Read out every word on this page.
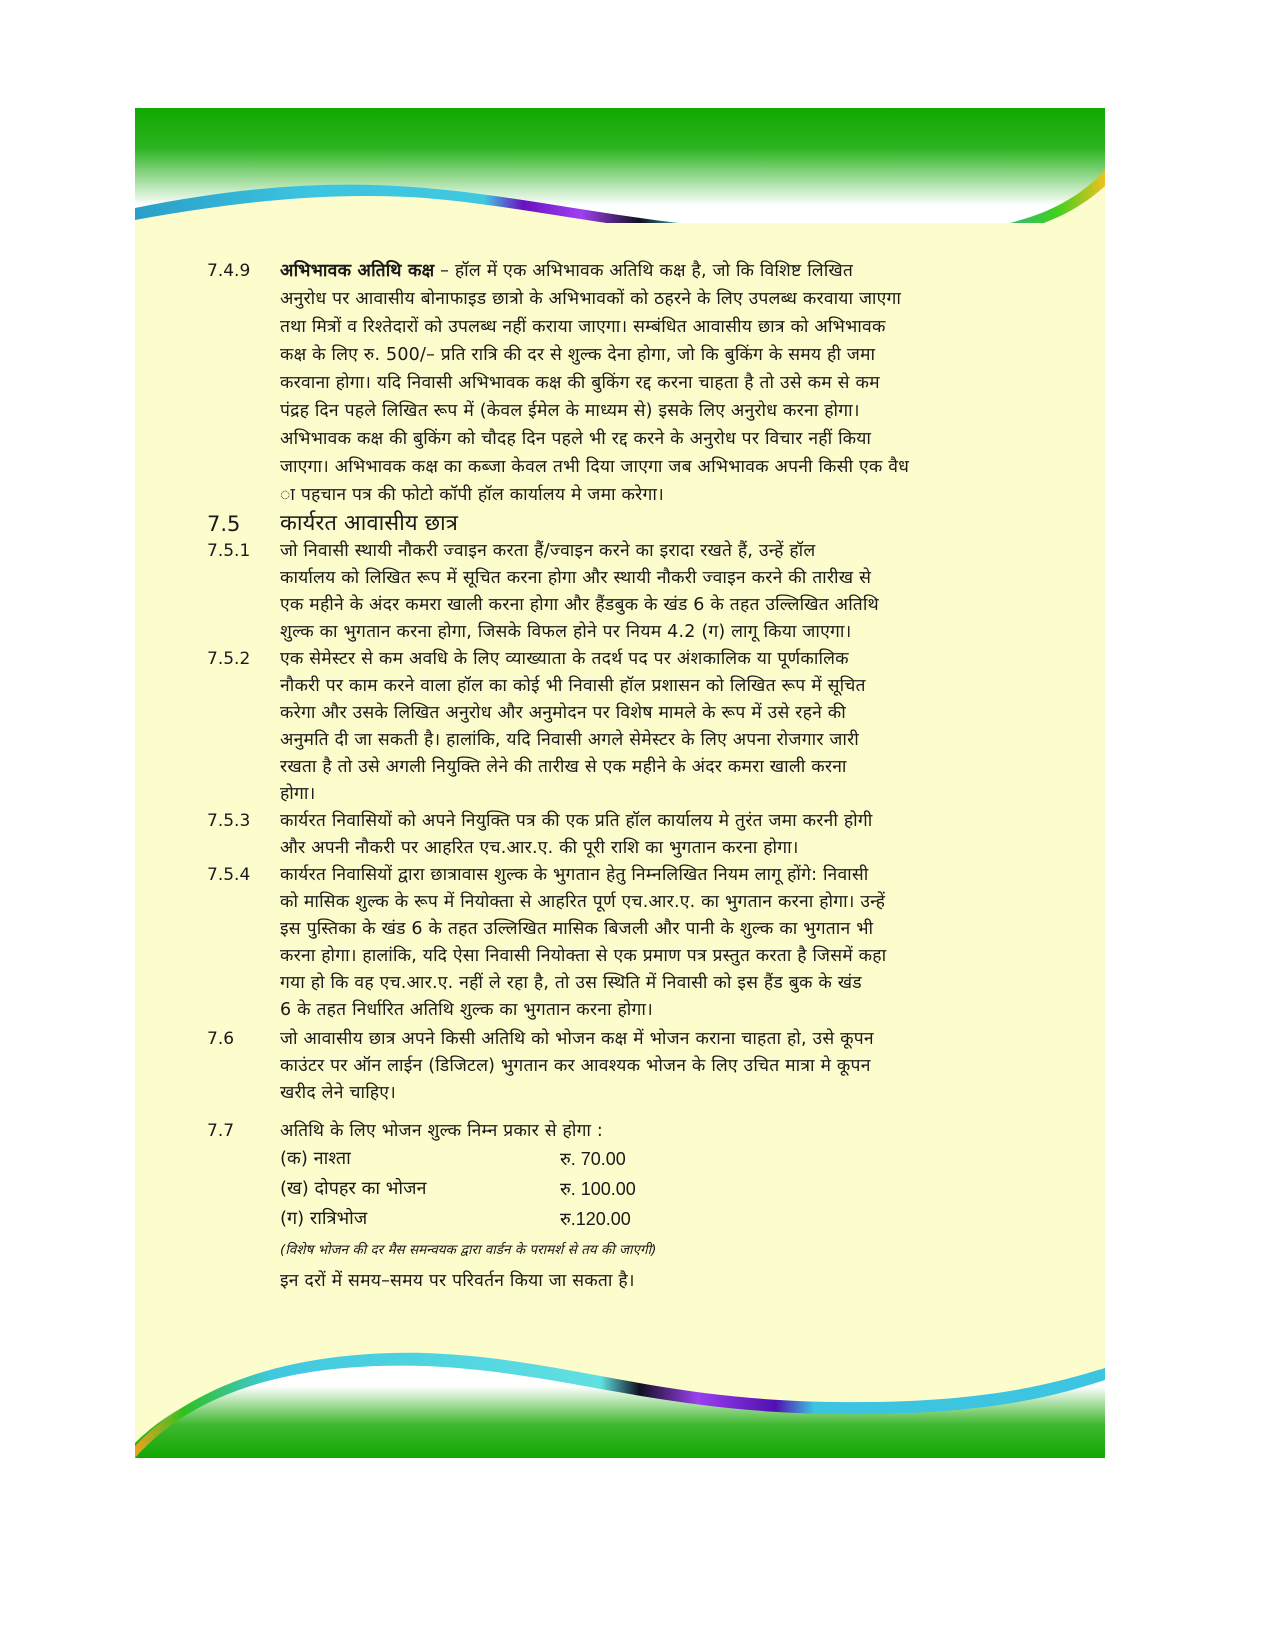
7.4.9 अभिभावक अतिथि कक्ष – हॉल में एक अभिभावक अतिथि कक्ष है, जो कि विशिष्ट लिखित
अनुरोध पर आवासीय बोनाफाइड छात्रो के अभिभावकों को ठहरने के लिए उपलब्ध करवाया जाएगा
तथा मित्रों व रिश्तेदारों को उपलब्ध नहीं कराया जाएगा। सम्बंधित आवासीय छात्र को अभिभावक
कक्ष के लिए रु. 500/– प्रति रात्रि की दर से शुल्क देना होगा, जो कि बुकिंग के समय ही जमा
करवाना होगा। यदि निवासी अभिभावक कक्ष की बुकिंग रद्द करना चाहता है तो उसे कम से कम
पंद्रह दिन पहले लिखित रूप में (केवल ईमेल के माध्यम से) इसके लिए अनुरोध करना होगा।
अभिभावक कक्ष की बुकिंग को चौदह दिन पहले भी रद्द करने के अनुरोध पर विचार नहीं किया
जाएगा। अभिभावक कक्ष का कब्जा केवल तभी दिया जाएगा जब अभिभावक अपनी किसी एक वैध
ा पहचान पत्र की फोटो कॉपी हॉल कार्यालय मे जमा करेगा।
7.5 कार्यरत आवासीय छात्र
7.5.1 जो निवासी स्थायी नौकरी ज्वाइन करता हैं/ज्वाइन करने का इरादा रखते हैं, उन्हें हॉल
कार्यालय को लिखित रूप में सूचित करना होगा और स्थायी नौकरी ज्वाइन करने की तारीख से
एक महीने के अंदर कमरा खाली करना होगा और हैंडबुक के खंड 6 के तहत उल्लिखित अतिथि
शुल्क का भुगतान करना होगा, जिसके विफल होने पर नियम 4.2 (ग) लागू किया जाएगा।
7.5.2 एक सेमेस्टर से कम अवधि के लिए व्याख्याता के तदर्थ पद पर अंशकालिक या पूर्णकालिक
नौकरी पर काम करने वाला हॉल का कोई भी निवासी हॉल प्रशासन को लिखित रूप में सूचित
करेगा और उसके लिखित अनुरोध और अनुमोदन पर विशेष मामले के रूप में उसे रहने की
अनुमति दी जा सकती है। हालांकि, यदि निवासी अगले सेमेस्टर के लिए अपना रोजगार जारी
रखता है तो उसे अगली नियुक्ति लेने की तारीख से एक महीने के अंदर कमरा खाली करना
होगा।
7.5.3 कार्यरत निवासियों को अपने नियुक्ति पत्र की एक प्रति हॉल कार्यालय मे तुरंत जमा करनी होगी
और अपनी नौकरी पर आहरित एच.आर.ए. की पूरी राशि का भुगतान करना होगा।
7.5.4 कार्यरत निवासियों द्वारा छात्रावास शुल्क के भुगतान हेतु निम्नलिखित नियम लागू होंगे: निवासी
को मासिक शुल्क के रूप में नियोक्ता से आहरित पूर्ण एच.आर.ए. का भुगतान करना होगा। उन्हें
इस पुस्तिका के खंड 6 के तहत उल्लिखित मासिक बिजली और पानी के शुल्क का भुगतान भी
करना होगा। हालांकि, यदि ऐसा निवासी नियोक्ता से एक प्रमाण पत्र प्रस्तुत करता है जिसमें कहा
गया हो कि वह एच.आर.ए. नहीं ले रहा है, तो उस स्थिति में निवासी को इस हैंड बुक के खंड
6 के तहत निर्धारित अतिथि शुल्क का भुगतान करना होगा।
7.6	जो आवासीय छात्र अपने किसी अतिथि को भोजन कक्ष में भोजन कराना चाहता हो, उसे कूपन
काउंटर पर ऑन लाईन (डिजिटल) भुगतान कर आवश्यक भोजन के लिए उचित मात्रा मे कूपन
खरीद लेने चाहिए।
7.7	अतिथि के लिए भोजन शुल्क निम्न प्रकार से होगा :
(क) नाश्ता	रु. 70.00
(ख) दोपहर का भोजन	रु. 100.00
(ग) रात्रिभोज	रु.120.00
(विशेष भोजन की दर मैस समन्वयक द्वारा वार्डन के परामर्श से तय की जाएगी)
इन दरों में समय–समय पर परिवर्तन किया जा सकता है।
